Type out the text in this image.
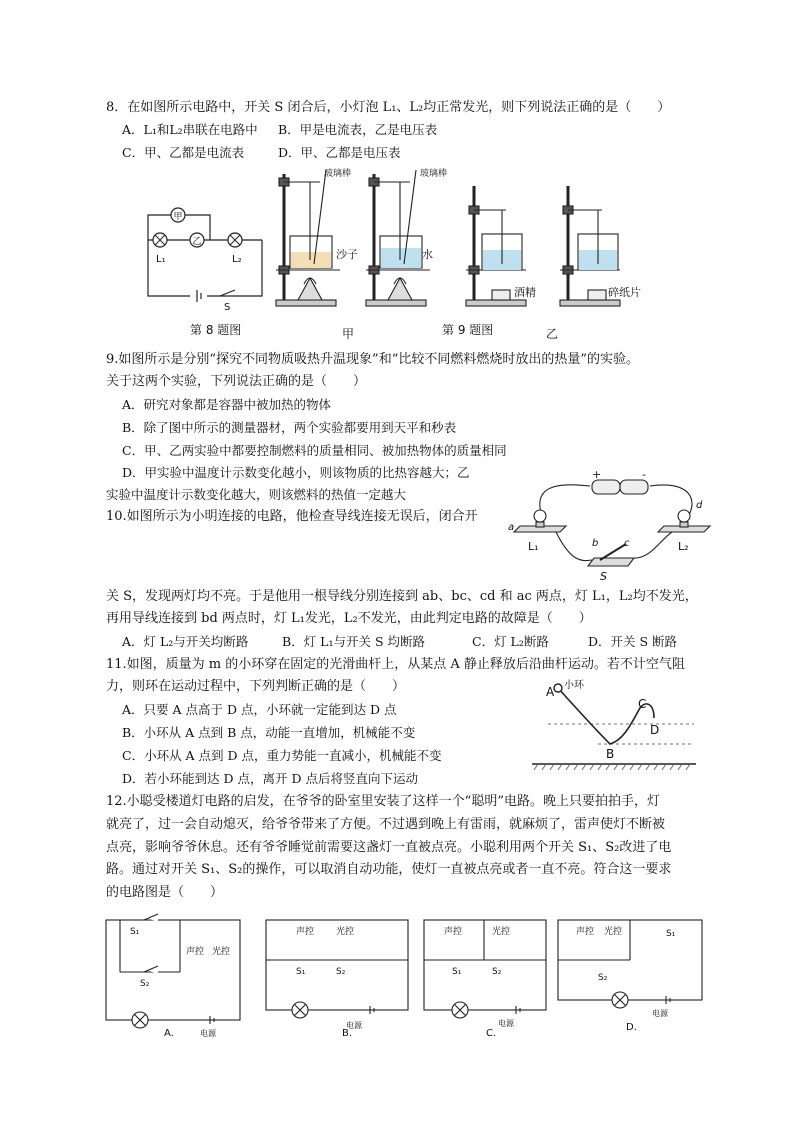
8．在如图所示电路中，开关 S 闭合后，小灯泡 L₁、L₂均正常发光，则下列说法正确的是（　　）
A．L₁和L₂串联在电路中 B．甲是电流表，乙是电压表
C．甲、乙都是电流表	D．甲、乙都是电压表
甲
乙
L₁	L₂
S
第 8 题图
玻璃棒
沙子
玻璃棒
水
甲
酒精	碎纸片
第 9 题图	乙
9.如图所示是分别“探究不同物质吸热升温现象”和“比较不同燃料燃烧时放出的热量”的实验。
关于这两个实验，下列说法正确的是（　　）
A．研究对象都是容器中被加热的物体
B．除了图中所示的测量器材，两个实验都要用到天平和秒表
C．甲、乙两实验中都要控制燃料的质量相同、被加热物体的质量相同
D．甲实验中温度计示数变化越小，则该物质的比热容越大；乙
实验中温度计示数变化越大，则该燃料的热值一定越大
+	-
a
b	c
d
L₁	L₂
S
10.如图所示为小明连接的电路，他检查导线连接无误后，闭合开
关 S，发现两灯均不亮。于是他用一根导线分别连接到 ab、bc、cd 和 ac 两点，灯 L₁，L₂均不发光，
再用导线连接到 bd 两点时，灯 L₁发光，L₂不发光，由此判定电路的故障是（　　）
A．灯 L₂与开关均断路	B．灯 L₁与开关 S 均断路	C．灯 L₂断路	D．开关 S 断路
11.如图，质量为 m 的小环穿在固定的光滑曲杆上，从某点 A 静止释放后沿曲杆运动。若不计空气阻
力，则环在运动过程中，下列判断正确的是（　　）
A．只要 A 点高于 D 点，小环就一定能到达 D 点
B．小环从 A 点到 B 点，动能一直增加，机械能不变
C．小环从 A 点到 D 点，重力势能一直减小，机械能不变
D．若小环能到达 D 点，离开 D 点后将竖直向下运动
A 小环
B
C
D
12.小聪受楼道灯电路的启发，在爷爷的卧室里安装了这样一个“聪明”电路。晚上只要拍拍手，灯
就亮了，过一会自动熄灭，给爷爷带来了方便。不过遇到晚上有雷雨，就麻烦了，雷声使灯不断被
点亮，影响爷爷休息。还有爷爷睡觉前需要这盏灯一直被点亮。小聪利用两个开关 S₁、S₂改进了电
路。通过对开关 S₁、S₂的操作，可以取消自动功能，使灯一直被点亮或者一直不亮。符合这一要求
的电路图是（　　）
S₁
S₂
声控 光控
电源
A.
声控 光控
S₁	S₂
电源
B.
声控	光控
S₁	S₂
电源
C.
声控 光控	S₁
S₂
电源
D.
